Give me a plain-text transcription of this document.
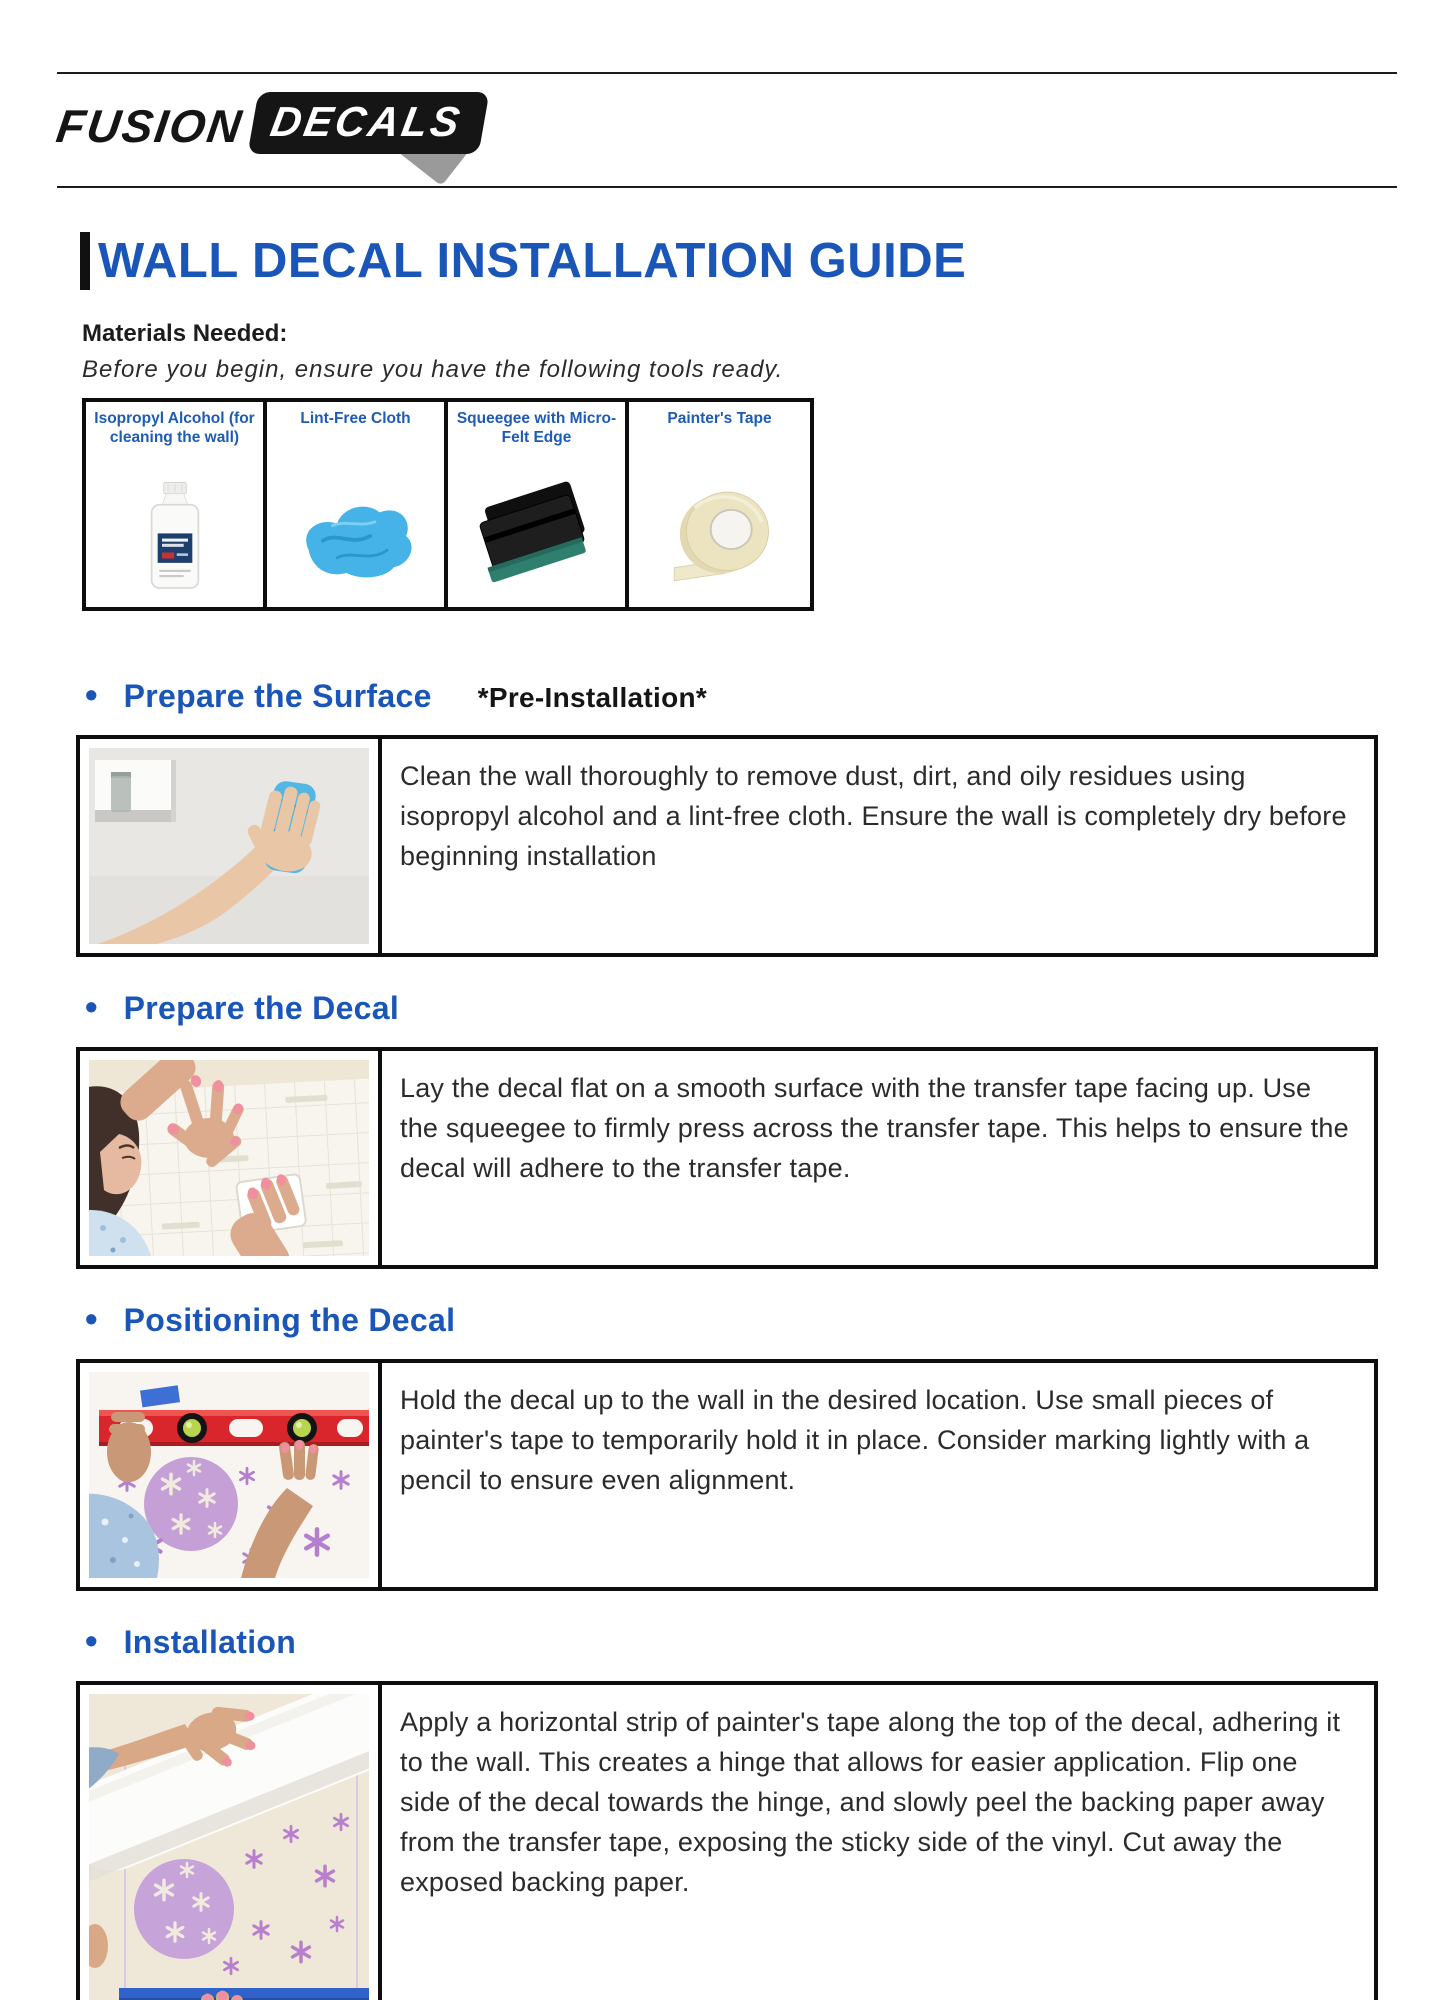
FUSION DECALS
WALL DECAL INSTALLATION GUIDE
Materials Needed:
Before you begin, ensure you have the following tools ready.
Isopropyl Alcohol (for cleaning the wall)
Lint-Free Cloth	Squeegee with Micro-Felt Edge
Painter's Tape
• Prepare the Surface *Pre-Installation*
Clean the wall thoroughly to remove dust, dirt, and oily residues using isopropyl alcohol and a lint-free cloth. Ensure the wall is completely dry before beginning installation
• Prepare the Decal
Lay the decal flat on a smooth surface with the transfer tape facing up. Use the squeegee to firmly press across the transfer tape. This helps to ensure the decal will adhere to the transfer tape.
• Positioning the Decal
Hold the decal up to the wall in the desired location. Use small pieces of painter's tape to temporarily hold it in place. Consider marking lightly with a pencil to ensure even alignment.
• Installation
Apply a horizontal strip of painter's tape along the top of the decal, adhering it to the wall. This creates a hinge that allows for easier application. Flip one side of the decal towards the hinge, and slowly peel the backing paper away from the transfer tape, exposing the sticky side of the vinyl. Cut away the exposed backing paper.
